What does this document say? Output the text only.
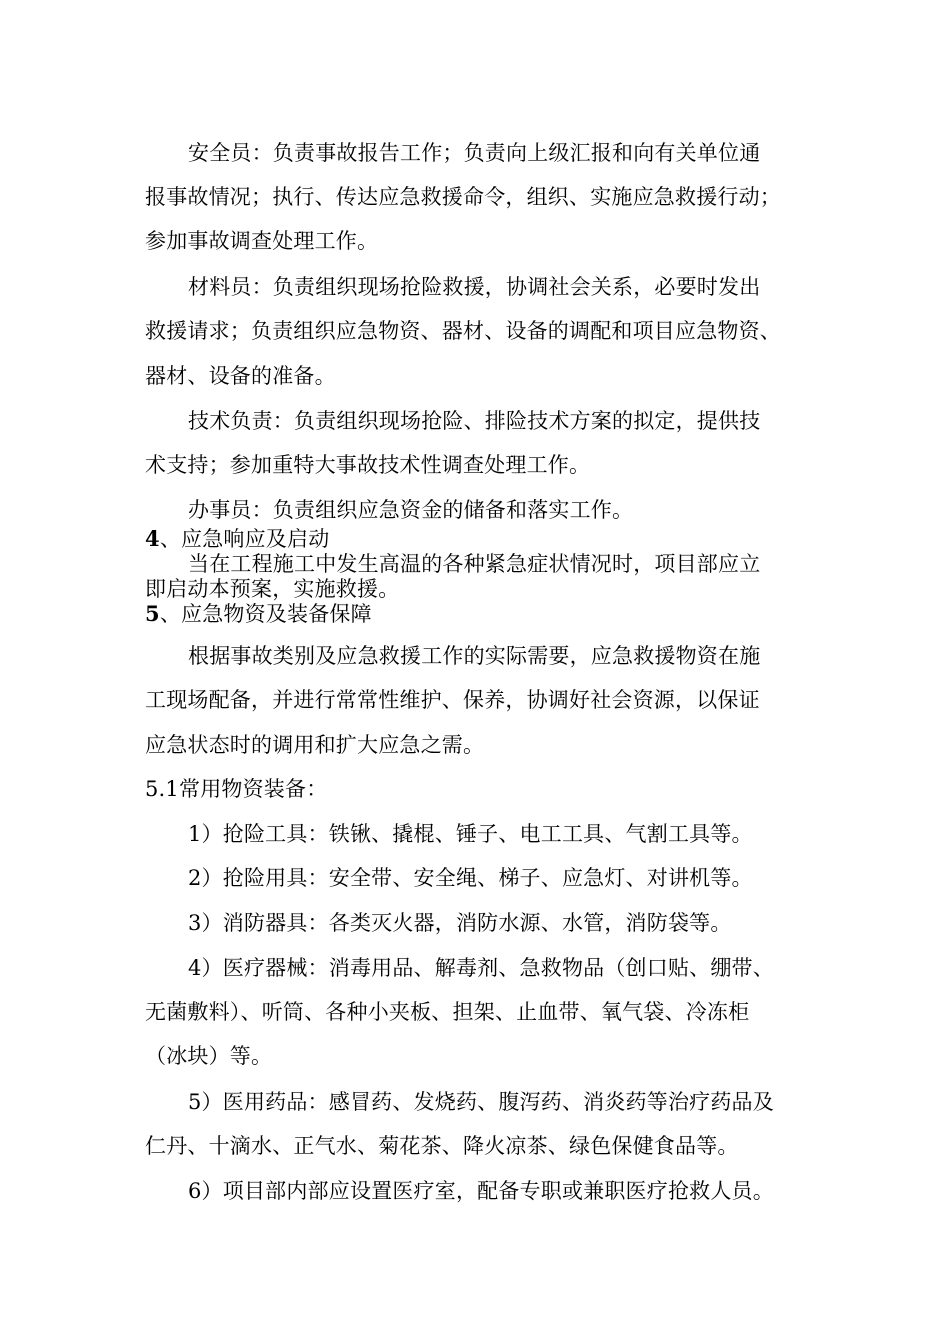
安全员：负责事故报告工作；负责向上级汇报和向有关单位通
报事故情况；执行、传达应急救援命令，组织、实施应急救援行动；
参加事故调查处理工作。
材料员：负责组织现场抢险救援，协调社会关系，必要时发出
救援请求；负责组织应急物资、器材、设备的调配和项目应急物资、
器材、设备的准备。
技术负责：负责组织现场抢险、排险技术方案的拟定，提供技
术支持；参加重特大事故技术性调查处理工作。
办事员：负责组织应急资金的储备和落实工作。
4、应急响应及启动
当在工程施工中发生高温的各种紧急症状情况时，项目部应立
即启动本预案，实施救援。
5、应急物资及装备保障
根据事故类别及应急救援工作的实际需要，应急救援物资在施
工现场配备，并进行常常性维护、保养，协调好社会资源，以保证
应急状态时的调用和扩大应急之需。
5.1常用物资装备：
1）抢险工具：铁锹、撬棍、锤子、电工工具、气割工具等。
2）抢险用具：安全带、安全绳、梯子、应急灯、对讲机等。
3）消防器具：各类灭火器，消防水源、水管，消防袋等。
4）医疗器械：消毒用品、解毒剂、急救物品（创口贴、绷带、
无菌敷料）、听筒、各种小夹板、担架、止血带、氧气袋、冷冻柜
（冰块）等。
5）医用药品：感冒药、发烧药、腹泻药、消炎药等治疗药品及
仁丹、十滴水、正气水、菊花茶、降火凉茶、绿色保健食品等。
6）项目部内部应设置医疗室，配备专职或兼职医疗抢救人员。
